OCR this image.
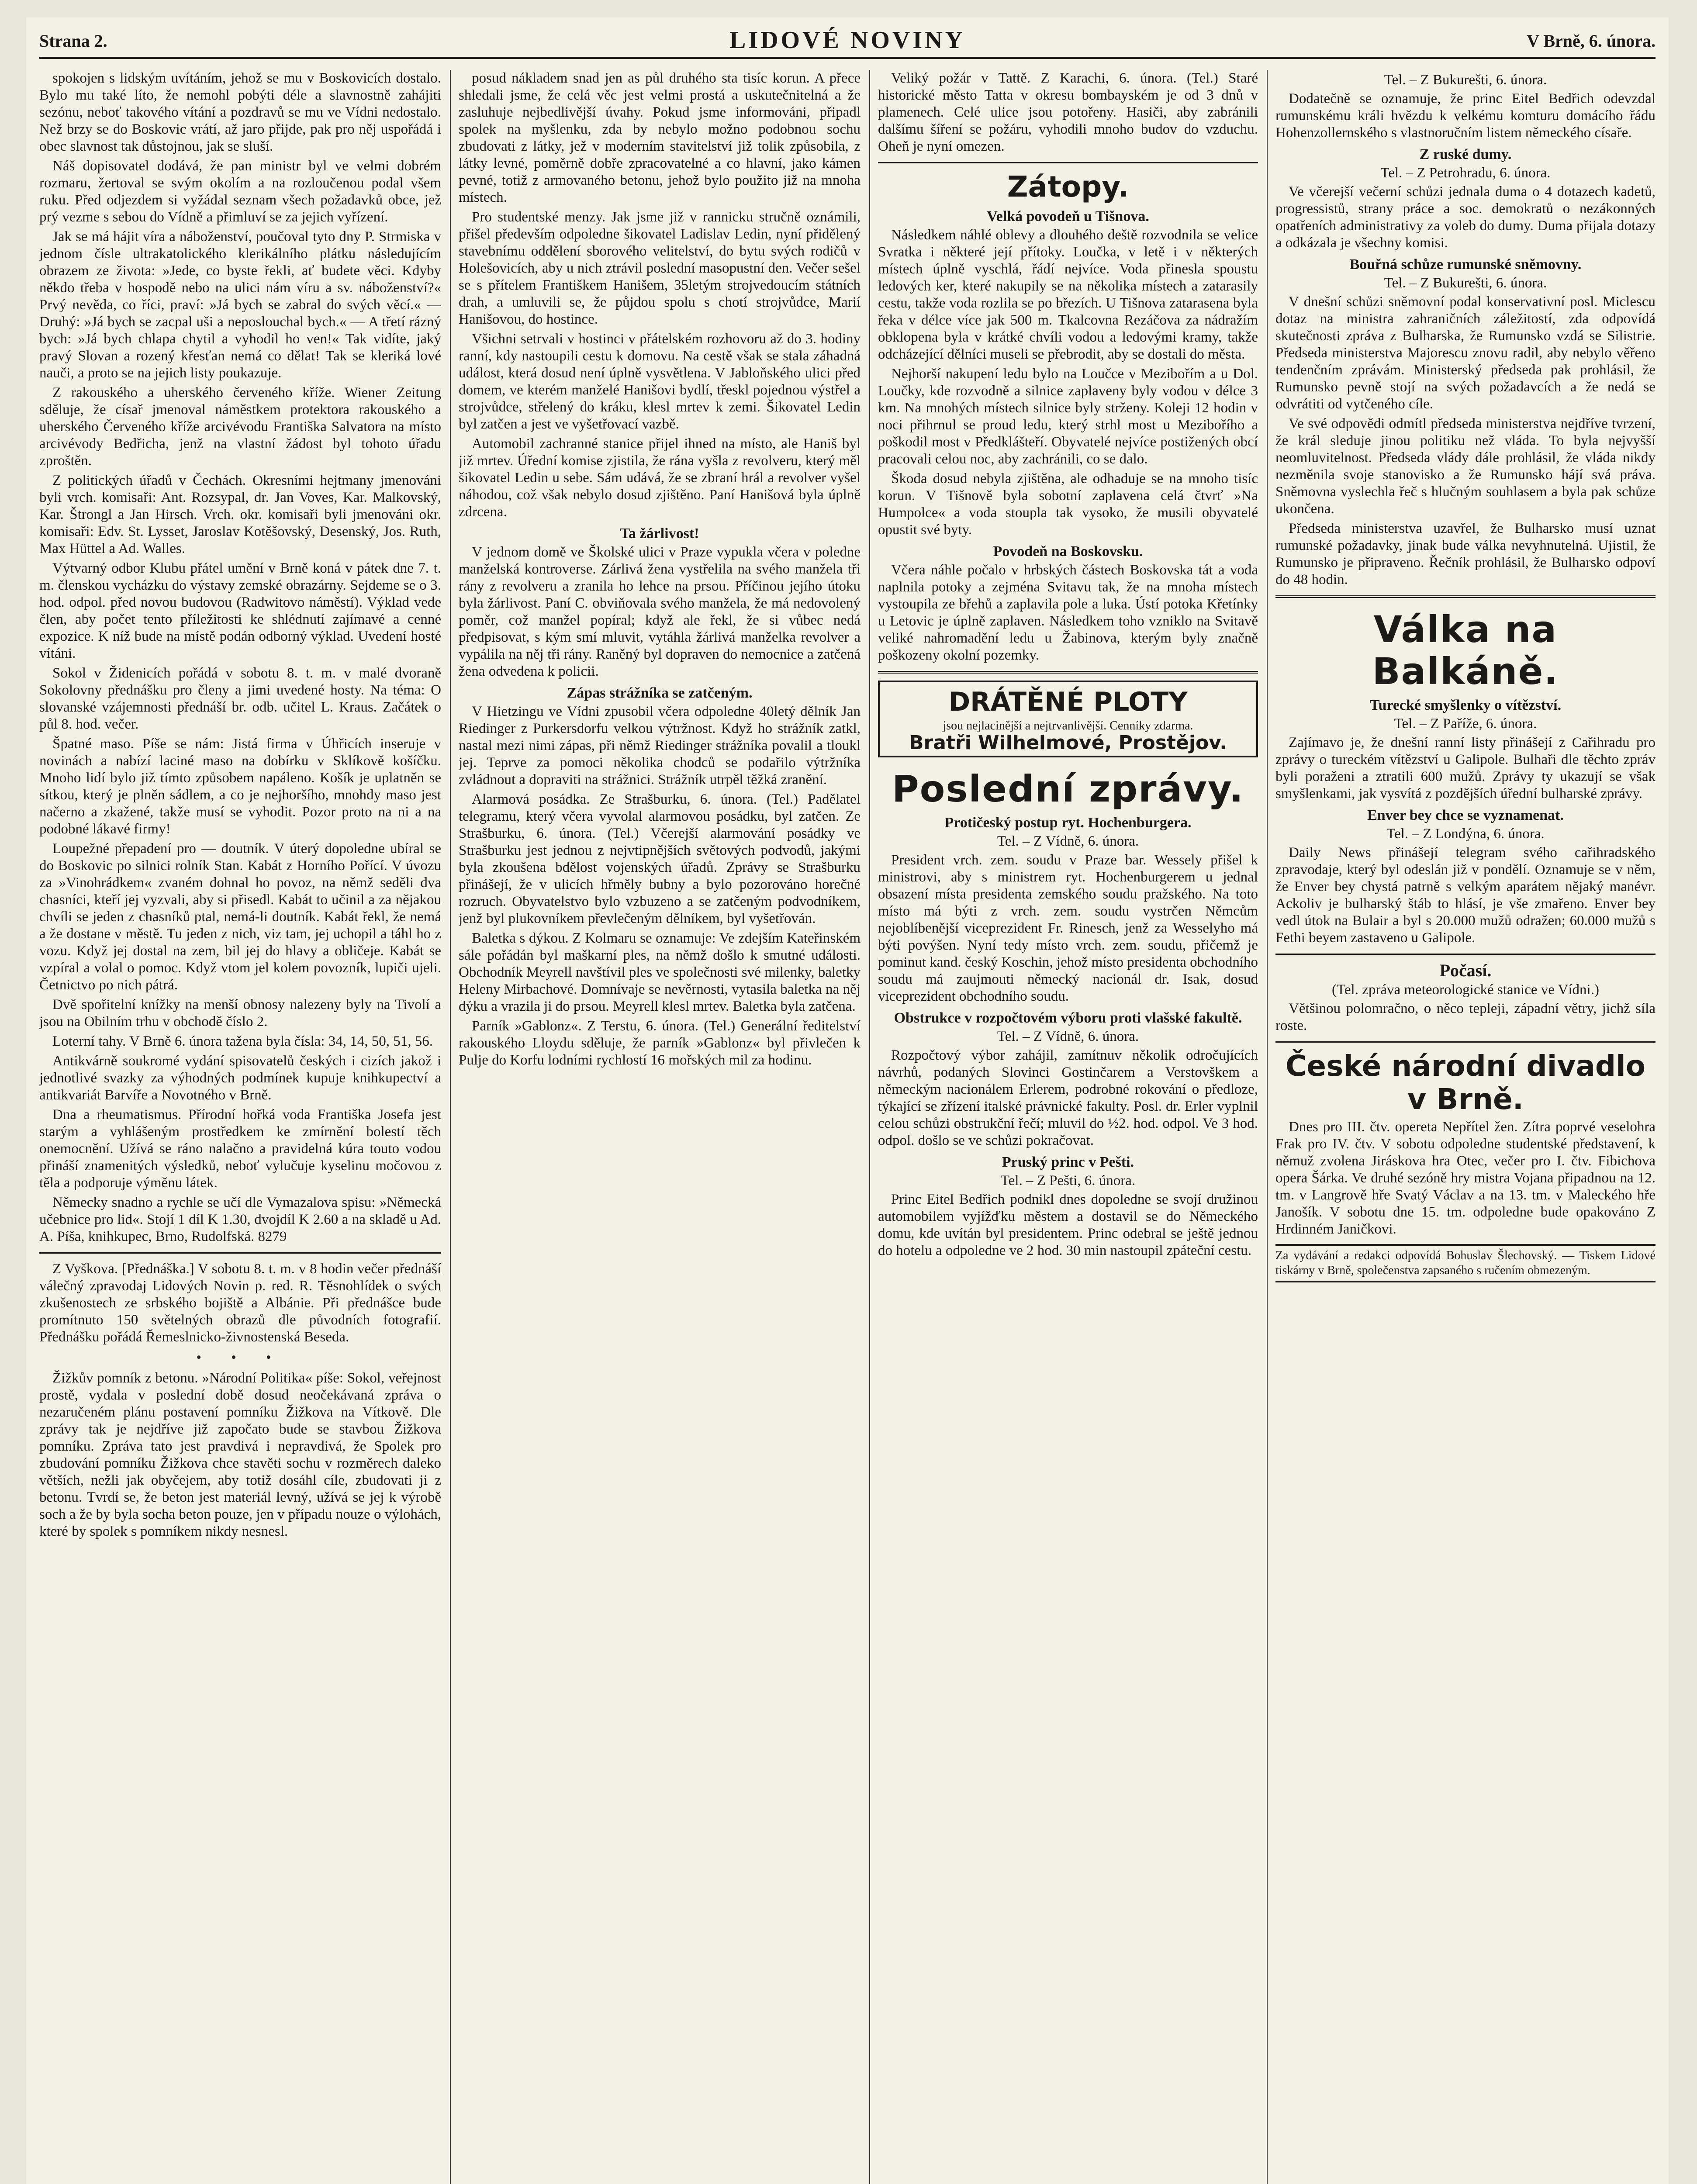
Strana 2.	LIDOVÉ NOVINY	V Brně, 6. února.

spokojen s lidským uvítáním, jehož se mu v Boskovicích dostalo. Bylo mu také líto, že nemohl pobýti déle a slavnostně zahájiti sezónu, neboť takového vítání a pozdravů se mu ve Vídni nedostalo. Než brzy se do Boskovic vrátí, až jaro přijde, pak pro něj uspořádá i obec slavnost tak důstojnou, jak se sluší.

Náš dopisovatel dodává, že pan ministr byl ve velmi dobrém rozmaru, žertoval se svým okolím a na rozloučenou podal všem ruku. Před odjezdem si vyžádal seznam všech požadavků obce, jež prý vezme s sebou do Vídně a přimluví se za jejich vyřízení.

Jak se má hájit víra a náboženství, poučoval tyto dny P. Strmiska v jednom čísle ultrakatolického klerikálního plátku následujícím obrazem ze života: »Jede, co byste řekli, ať budete věci. Kdyby někdo třeba v hospodě nebo na ulici nám víru a sv. náboženství?« Prvý nevěda, co říci, praví: »Já bych se zabral do svých věcí.« — Druhý: »Já bych se zacpal uši a neposlouchal bych.« — A třetí rázný bych: »Já bych chlapa chytil a vyhodil ho ven!« Tak vidíte, jaký pravý Slovan a rozený křesťan nemá co dělat! Tak se kleriká lové nauči, a proto se na jejich listy poukazuje.

Z rakouského a uherského červeného kříže. Wiener Zeitung sděluje, že císař jmenoval náměstkem protektora rakouského a uherského Červeného kříže arcivévodu Františka Salvatora na místo arcivévody Bedřicha, jenž na vlastní žádost byl tohoto úřadu zproštěn.

Z politických úřadů v Čechách. Okresními hejtmany jmenováni byli vrch. komisaři: Ant. Rozsypal, dr. Jan Voves, Kar. Malkovský, Kar. Štrongl a Jan Hirsch. Vrch. okr. komisaři byli jmenováni okr. komisaři: Edv. St. Lysset, Jaroslav Kotěšovský, Desenský, Jos. Ruth, Max Hüttel a Ad. Walles.

Výtvarný odbor Klubu přátel umění v Brně koná v pátek dne 7. t. m. členskou vycházku do výstavy zemské obrazárny. Sejdeme se o 3. hod. odpol. před novou budovou (Radwitovo náměstí). Výklad vede člen, aby počet tento příležitosti ke shlédnutí zajímavé a cenné expozice. K níž bude na místě podán odborný výklad. Uvedení hosté vítáni.

Sokol v Židenicích pořádá v sobotu 8. t. m. v malé dvoraně Sokolovny přednášku pro členy a jimi uvedené hosty. Na téma: O slovanské vzájemnosti přednáší br. odb. učitel L. Kraus. Začátek o půl 8. hod. večer.

Špatné maso. Píše se nám: Jistá firma v Úhřicích inseruje v novinách a nabízí laciné maso na dobírku v Sklíkově košíčku. Mnoho lidí bylo již tímto způsobem napáleno. Košík je uplatněn se sítkou, který je plněn sádlem, a co je nejhoršího, mnohdy maso jest načerno a zkažené, takže musí se vyhodit. Pozor proto na ni a na podobné lákavé firmy!

Loupežné přepadení pro — doutník. V úterý dopoledne ubíral se do Boskovic po silnici rolník Stan. Kabát z Horního Pořící. V úvozu za »Vinohrádkem« zvaném dohnal ho povoz, na němž seděli dva chasníci, kteří jej vyzvali, aby si přisedl. Kabát to učinil a za nějakou chvíli se jeden z chasníků ptal, nemá-li doutník. Kabát řekl, že nemá a že dostane v městě. Tu jeden z nich, viz tam, jej uchopil a táhl ho z vozu. Když jej dostal na zem, bil jej do hlavy a obličeje. Kabát se vzpíral a volal o pomoc. Když vtom jel kolem povozník, lupiči ujeli. Četnictvo po nich pátrá.

Dvě spořitelní knížky na menší obnosy nalezeny byly na Tivolí a jsou na Obilním trhu v obchodě číslo 2.

Loterní tahy. V Brně 6. února tažena byla čísla: 34, 14, 50, 51, 56.

Antikvárně soukromé vydání spisovatelů českých i cizích jakož i jednotlivé svazky za výhodných podmínek kupuje knihkupectví a antikvariát Barvíře a Novotného v Brně.

Dna a rheumatismus. Přírodní hořká voda Františka Josefa jest starým a vyhlášeným prostředkem ke zmírnění bolestí těch onemocnění. Užívá se ráno nalačno a pravidelná kúra touto vodou přináší znamenitých výsledků, neboť vylučuje kyselinu močovou z těla a podporuje výměnu látek.

Německy snadno a rychle se učí dle Vymazalova spisu: »Německá učebnice pro lid«. Stojí 1 díl K 1.30, dvojdíl K 2.60 a na skladě u Ad. A. Píša, knihkupec, Brno, Rudolfská. 8279

Z Vyškova. [Přednáška.] V sobotu 8. t. m. v 8 hodin večer přednáší válečný zpravodaj Lidových Novin p. red. R. Těsnohlídek o svých zkušenostech ze srbského bojiště a Albánie. Při přednášce bude promítnuto 150 světelných obrazů dle původních fotografií. Přednášku pořádá Řemeslnicko-živnostenská Beseda.

• • •

Žižkův pomník z betonu. »Národní Politika« píše: Sokol, veřejnost prostě, vydala v poslední době dosud neočekávaná zpráva o nezaručeném plánu postavení pomníku Žižkova na Vítkově. Dle zprávy tak je nejdříve již započato bude se stavbou Žižkova pomníku. Zpráva tato jest pravdivá i nepravdivá, že Spolek pro zbudování pomníku Žižkova chce stavěti sochu v rozměrech daleko větších, nežli jak obyčejem, aby totiž dosáhl cíle, zbudovati ji z betonu. Tvrdí se, že beton jest materiál levný, užívá se jej k výrobě soch a že by byla socha beton pouze, jen v případu nouze o výlohách, které by spolek s pomníkem nikdy nesnesl.

posud nákladem snad jen as půl druhého sta tisíc korun. A přece shledali jsme, že celá věc jest velmi prostá a uskutečnitelná a že zasluhuje nejbedlivější úvahy. Pokud jsme informováni, připadl spolek na myšlenku, zda by nebylo možno podobnou sochu zbudovati z látky, jež v moderním stavitelství již tolik způsobila, z látky levné, poměrně dobře zpracovatelné a co hlavní, jako kámen pevné, totiž z armovaného betonu, jehož bylo použito již na mnoha místech.

Pro studentské menzy. Jak jsme již v rannicku stručně oznámili, přišel především odpoledne šikovatel Ladislav Ledin, nyní přidělený stavebnímu oddělení sborového velitelství, do bytu svých rodičů v Holešovicích, aby u nich ztrávil poslední masopustní den. Večer sešel se s přítelem Františkem Hanišem, 35letým strojvedoucím státních drah, a umluvili se, že půjdou spolu s chotí strojvůdce, Marií Hanišovou, do hostince.

Všichni setrvali v hostinci v přátelském rozhovoru až do 3. hodiny ranní, kdy nastoupili cestu k domovu. Na cestě však se stala záhadná událost, která dosud není úplně vysvětlena. V Jabloňského ulici před domem, ve kterém manželé Hanišovi bydlí, třeskl pojednou výstřel a strojvůdce, střelený do kráku, klesl mrtev k zemi. Šikovatel Ledin byl zatčen a jest ve vyšetřovací vazbě.

Automobil zachranné stanice přijel ihned na místo, ale Haniš byl již mrtev. Úřední komise zjistila, že rána vyšla z revolveru, který měl šikovatel Ledin u sebe. Sám udává, že se zbraní hrál a revolver vyšel náhodou, což však nebylo dosud zjištěno. Paní Hanišová byla úplně zdrcena.

Ta žárlivost!

V jednom domě ve Školské ulici v Praze vypukla včera v poledne manželská kontroverse. Zárlivá žena vystřelila na svého manžela tři rány z revolveru a zranila ho lehce na prsou. Příčinou jejího útoku byla žárlivost. Paní C. obviňovala svého manžela, že má nedovolený poměr, což manžel popíral; když ale řekl, že si vůbec nedá předpisovat, s kým smí mluvit, vytáhla žárlivá manželka revolver a vypálila na něj tři rány. Raněný byl dopraven do nemocnice a zatčená žena odvedena k policii.

Zápas strážníka se zatčeným.

V Hietzingu ve Vídni zpusobil včera odpoledne 40letý dělník Jan Riedinger z Purkersdorfu velkou výtržnost. Když ho strážník zatkl, nastal mezi nimi zápas, při němž Riedinger strážníka povalil a tloukl jej. Teprve za pomoci několika chodců se podařilo výtržníka zvládnout a dopraviti na strážnici. Strážník utrpěl těžká zranění.

Alarmová posádka. Ze Strašburku, 6. února. (Tel.) Padělatel telegramu, který včera vyvolal alarmovou posádku, byl zatčen. Ze Strašburku, 6. února. (Tel.) Včerejší alarmování posádky ve Strašburku jest jednou z nejvtipnějších světových podvodů, jakými byla zkoušena bdělost vojenských úřadů. Zprávy se Strašburku přinášejí, že v ulicích hřměly bubny a bylo pozorováno horečné rozruch. Obyvatelstvo bylo vzbuzeno a se zatčeným podvodníkem, jenž byl plukovníkem převlečeným dělníkem, byl vyšetřován.

Baletka s dýkou. Z Kolmaru se oznamuje: Ve zdejším Kateřinském sále pořádán byl maškarní ples, na němž došlo k smutné události. Obchodník Meyrell navštívil ples ve společnosti své milenky, baletky Heleny Mirbachové. Domnívaje se nevěrnosti, vytasila baletka na něj dýku a vrazila ji do prsou. Meyrell klesl mrtev. Baletka byla zatčena.

Parník »Gablonz«. Z Terstu, 6. února. (Tel.) Generální ředitelství rakouského Lloydu sděluje, že parník »Gablonz« byl přivlečen k Pulje do Korfu lodními rychlostí 16 mořských mil za hodinu.

Veliký požár v Tattě. Z Karachi, 6. února. (Tel.) Staré historické město Tatta v okresu bombayském je od 3 dnů v plamenech. Celé ulice jsou potořeny. Hasiči, aby zabránili dalšímu šíření se požáru, vyhodili mnoho budov do vzduchu. Oheň je nyní omezen.

Zátopy.
Velká povodeň u Tišnova.

Následkem náhlé oblevy a dlouhého deště rozvodnila se velice Svratka i některé její přítoky. Loučka, v letě i v některých místech úplně vyschlá, řádí nejvíce. Voda přinesla spoustu ledových ker, které nakupily se na několika místech a zatarasily cestu, takže voda rozlila se po březích. U Tišnova zatarasena byla řeka v délce více jak 500 m. Tkalcovna Rezáčova za nádražím obklopena byla v krátké chvíli vodou a ledovými kramy, takže odcházející dělníci museli se přebrodit, aby se dostali do města.

Nejhorší nakupení ledu bylo na Loučce v Mezibořím a u Dol. Loučky, kde rozvodně a silnice zaplaveny byly vodou v délce 3 km. Na mnohých místech silnice byly strženy. Koleji 12 hodin v noci přihrnul se proud ledu, který strhl most u Mezibořího a poškodil most v Předklášteří. Obyvatelé nejvíce postižených obcí pracovali celou noc, aby zachránili, co se dalo.

Škoda dosud nebyla zjištěna, ale odhaduje se na mnoho tisíc korun. V Tišnově byla sobotní zaplavena celá čtvrť »Na Humpolce« a voda stoupla tak vysoko, že musili obyvatelé opustit své byty.

Povodeň na Boskovsku.

Včera náhle počalo v hrbských částech Boskovska tát a voda naplnila potoky a zejména Svitavu tak, že na mnoha místech vystoupila ze břehů a zaplavila pole a luka. Ústí potoka Křetínky u Letovic je úplně zaplaven. Následkem toho vzniklo na Svitavě veliké nahromadění ledu u Žabinova, kterým byly značně poškozeny okolní pozemky.

DRÁTĚNÉ PLOTY
jsou nejlacinější a nejtrvanlivější. Cenníky zdarma.
Bratři Wilhelmové, Prostějov.
Poslední zprávy.
Protičeský postup ryt. Hochenburgera.
Tel. – Z Vídně, 6. února.

President vrch. zem. soudu v Praze bar. Wessely přišel k ministrovi, aby s ministrem ryt. Hochenburgerem u jednal obsazení místa presidenta zemského soudu pražského. Na toto místo má býti z vrch. zem. soudu vystrčen Němcům nejoblíbenější viceprezident Fr. Rinesch, jenž za Wesselyho má býti povýšen. Nyní tedy místo vrch. zem. soudu, přičemž je pominut kand. český Koschin, jehož místo presidenta obchodního soudu má zaujmouti německý nacionál dr. Isak, dosud viceprezident obchodního soudu.

Obstrukce v rozpočtovém výboru proti vlašské fakultě.
Tel. – Z Vídně, 6. února.

Rozpočtový výbor zahájil, zamítnuv několik odročujících návrhů, podaných Slovinci Gostinčarem a Verstovškem a německým nacionálem Erlerem, podrobné rokování o předloze, týkající se zřízení italské právnické fakulty. Posl. dr. Erler vyplnil celou schůzi obstrukční řečí; mluvil do ½2. hod. odpol. Ve 3 hod. odpol. došlo se ve schůzi pokračovat.

Pruský princ v Pešti.
Tel. – Z Pešti, 6. února.

Princ Eitel Bedřich podnikl dnes dopoledne se svojí družinou automobilem vyjížďku městem a dostavil se do Německého domu, kde uvítán byl presidentem. Princ odebral se ještě jednou do hotelu a odpoledne ve 2 hod. 30 min nastoupil zpáteční cestu.

Tel. – Z Bukurešti, 6. února.

Dodatečně se oznamuje, že princ Eitel Bedřich odevzdal rumunskému králi hvězdu k velkému komturu domácího řádu Hohenzollernského s vlastnoručním listem německého císaře.

Z ruské dumy.
Tel. – Z Petrohradu, 6. února.

Ve včerejší večerní schůzi jednala duma o 4 dotazech kadetů, progressistů, strany práce a soc. demokratů o nezákonných opatřeních administrativy za voleb do dumy. Duma přijala dotazy a odkázala je všechny komisi.

Bouřná schůze rumunské sněmovny.
Tel. – Z Bukurešti, 6. února.

V dnešní schůzi sněmovní podal konservativní posl. Miclescu dotaz na ministra zahraničních záležitostí, zda odpovídá skutečnosti zpráva z Bulharska, že Rumunsko vzdá se Silistrie. Předseda ministerstva Majorescu znovu radil, aby nebylo věřeno tendenčním zprávám. Ministerský předseda pak prohlásil, že Rumunsko pevně stojí na svých požadavcích a že nedá se odvrátiti od vytčeného cíle.

Ve své odpovědi odmítl předseda ministerstva nejdříve tvrzení, že král sleduje jinou politiku než vláda. To byla nejvyšší neomluvitelnost. Předseda vlády dále prohlásil, že vláda nikdy nezměnila svoje stanovisko a že Rumunsko hájí svá práva. Sněmovna vyslechla řeč s hlučným souhlasem a byla pak schůze ukončena.

Předseda ministerstva uzavřel, že Bulharsko musí uznat rumunské požadavky, jinak bude válka nevyhnutelná. Ujistil, že Rumunsko je připraveno. Řečník prohlásil, že Bulharsko odpoví do 48 hodin.

Válka na Balkáně.
Turecké smyšlenky o vítězství.
Tel. – Z Paříže, 6. února.

Zajímavo je, že dnešní ranní listy přinášejí z Cařihradu pro zprávy o tureckém vítězství u Galipole. Bulhaři dle těchto zpráv byli poraženi a ztratili 600 mužů. Zprávy ty ukazují se však smyšlenkami, jak vysvítá z pozdějších úřední bulharské zprávy.

Enver bey chce se vyznamenat.
Tel. – Z Londýna, 6. února.

Daily News přinášejí telegram svého cařihradského zpravodaje, který byl odeslán již v pondělí. Oznamuje se v něm, že Enver bey chystá patrně s velkým aparátem nějaký manévr. Ackoliv je bulharský štáb to hlásí, je vše zmařeno. Enver bey vedl útok na Bulair a byl s 20.000 mužů odražen; 60.000 mužů s Fethi beyem zastaveno u Galipole.

Počasí.
(Tel. zpráva meteorologické stanice ve Vídni.)

Většinou polomračno, o něco tepleji, západní větry, jichž síla roste.

České národní divadlo v Brně.

Dnes pro III. čtv. opereta Nepřítel žen. Zítra poprvé veselohra Frak pro IV. čtv. V sobotu odpoledne studentské představení, k němuž zvolena Jiráskova hra Otec, večer pro I. čtv. Fibichova opera Šárka. Ve druhé sezóně hry mistra Vojana připadnou na 12. tm. v Langrově hře Svatý Václav a na 13. tm. v Maleckého hře Janošík. V sobotu dne 15. tm. odpoledne bude opakováno Z Hrdinném Janičkovi.

Za vydávání a redakci odpovídá Bohuslav Šlechovský. — Tiskem Lidové tiskárny v Brně, společenstva zapsaného s ručením obmezeným.
